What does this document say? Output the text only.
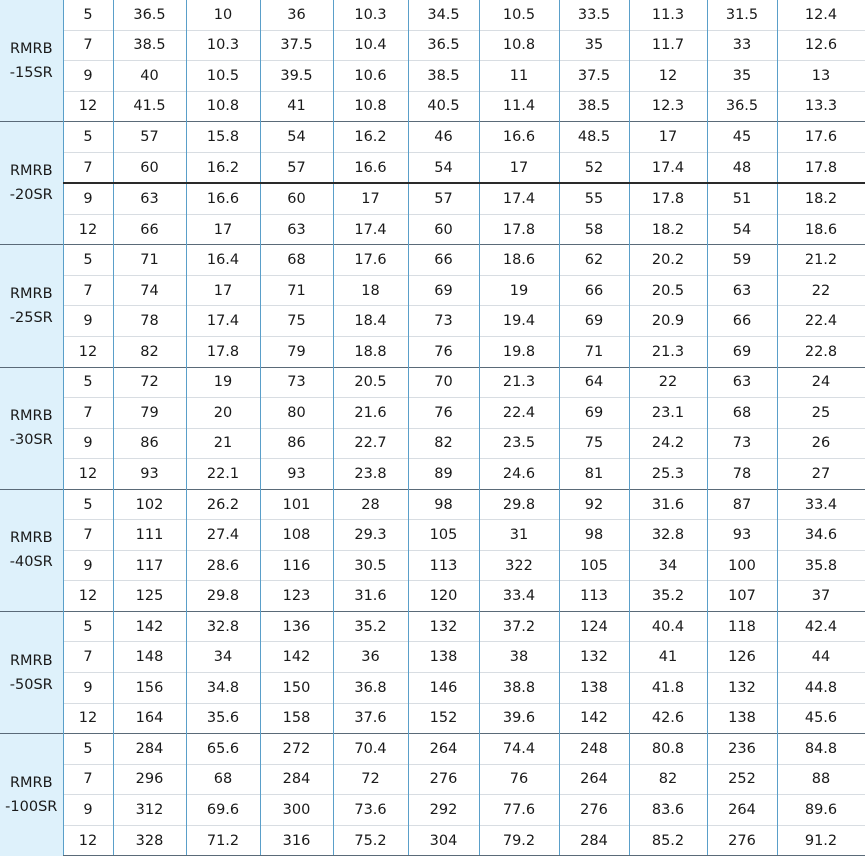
RMRB
-15SR	5	36.5	10	36	10.3	34.5	10.5	33.5	11.3	31.5	12.4
	7	38.5	10.3	37.5	10.4	36.5	10.8	35	11.7	33	12.6
	9	40	10.5	39.5	10.6	38.5	11	37.5	12	35	13
	12	41.5	10.8	41	10.8	40.5	11.4	38.5	12.3	36.5	13.3
RMRB
-20SR	5	57	15.8	54	16.2	46	16.6	48.5	17	45	17.6
	7	60	16.2	57	16.6	54	17	52	17.4	48	17.8
	9	63	16.6	60	17	57	17.4	55	17.8	51	18.2
	12	66	17	63	17.4	60	17.8	58	18.2	54	18.6
RMRB
-25SR	5	71	16.4	68	17.6	66	18.6	62	20.2	59	21.2
	7	74	17	71	18	69	19	66	20.5	63	22
	9	78	17.4	75	18.4	73	19.4	69	20.9	66	22.4
	12	82	17.8	79	18.8	76	19.8	71	21.3	69	22.8
RMRB
-30SR	5	72	19	73	20.5	70	21.3	64	22	63	24
	7	79	20	80	21.6	76	22.4	69	23.1	68	25
	9	86	21	86	22.7	82	23.5	75	24.2	73	26
	12	93	22.1	93	23.8	89	24.6	81	25.3	78	27
RMRB
-40SR	5	102	26.2	101	28	98	29.8	92	31.6	87	33.4
	7	111	27.4	108	29.3	105	31	98	32.8	93	34.6
	9	117	28.6	116	30.5	113	322	105	34	100	35.8
	12	125	29.8	123	31.6	120	33.4	113	35.2	107	37
RMRB
-50SR	5	142	32.8	136	35.2	132	37.2	124	40.4	118	42.4
	7	148	34	142	36	138	38	132	41	126	44
	9	156	34.8	150	36.8	146	38.8	138	41.8	132	44.8
	12	164	35.6	158	37.6	152	39.6	142	42.6	138	45.6
RMRB
-100SR	5	284	65.6	272	70.4	264	74.4	248	80.8	236	84.8
	7	296	68	284	72	276	76	264	82	252	88
	9	312	69.6	300	73.6	292	77.6	276	83.6	264	89.6
	12	328	71.2	316	75.2	304	79.2	284	85.2	276	91.2
